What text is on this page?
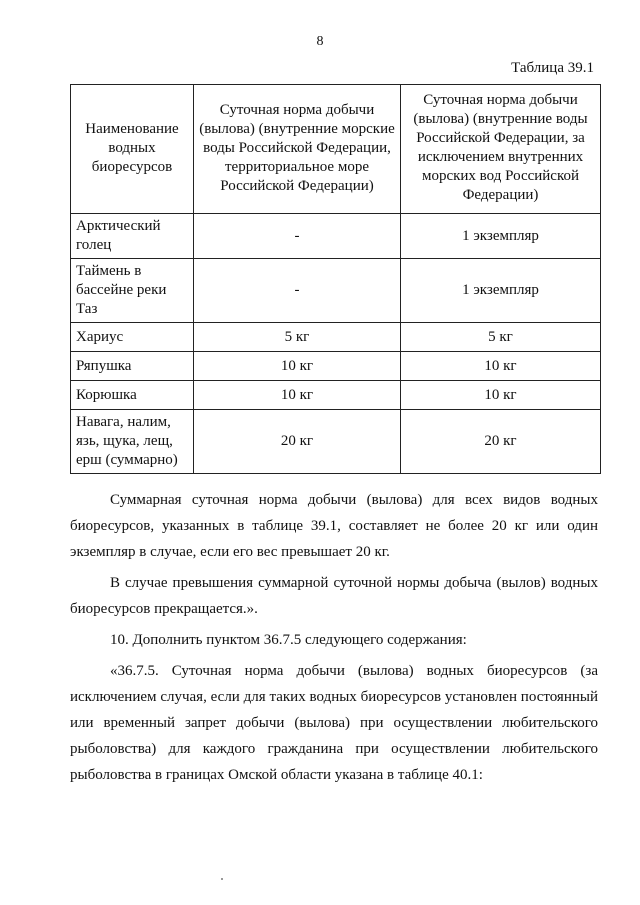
8
Таблица 39.1
Наименование водных биоресурсов	Суточная норма добычи (вылова) (внутренние морские воды Российской Федерации, территориальное море Российской Федерации)	Суточная норма добычи (вылова) (внутренние воды Российской Федерации, за исключением внутренних морских вод Российской Федерации)
Арктический голец	-	1 экземпляр
Таймень в бассейне реки Таз	-	1 экземпляр
Хариус	5 кг	5 кг
Ряпушка	10 кг	10 кг
Корюшка	10 кг	10 кг
Навага, налим, язь, щука, лещ, ерш (суммарно)	20 кг	20 кг

Суммарная суточная норма добычи (вылова) для всех видов водных биоресурсов, указанных в таблице 39.1, составляет не более 20 кг или один экземпляр в случае, если его вес превышает 20 кг.

В случае превышения суммарной суточной нормы добыча (вылов) водных биоресурсов прекращается.».

10. Дополнить пунктом 36.7.5 следующего содержания:

«36.7.5. Суточная норма добычи (вылова) водных биоресурсов (за исключением случая, если для таких водных биоресурсов установлен постоянный или временный запрет добычи (вылова) при осуществлении любительского рыболовства) для каждого гражданина при осуществлении любительского рыболовства в границах Омской области указана в таблице 40.1:
